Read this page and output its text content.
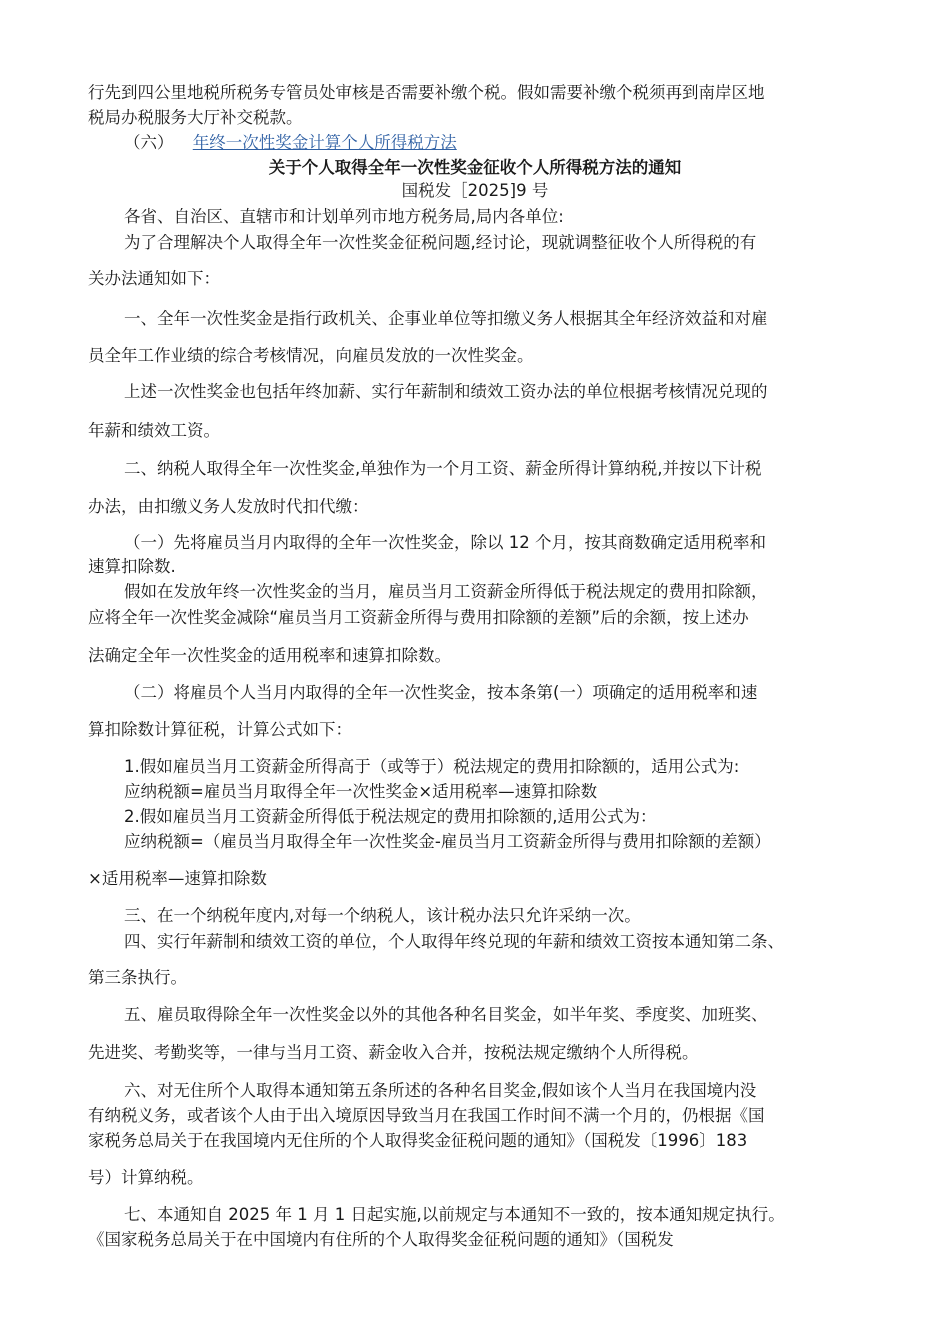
行先到四公里地税所税务专管员处审核是否需要补缴个税。假如需要补缴个税须再到南岸区地
税局办税服务大厅补交税款。
（六） 年终一次性奖金计算个人所得税方法
关于个人取得全年一次性奖金征收个人所得税方法的通知
国税发［2025]9 号
各省、自治区、直辖市和计划单列市地方税务局,局内各单位:
为了合理解决个人取得全年一次性奖金征税问题,经讨论，现就调整征收个人所得税的有
关办法通知如下：
一、全年一次性奖金是指行政机关、企事业单位等扣缴义务人根据其全年经济效益和对雇
员全年工作业绩的综合考核情况，向雇员发放的一次性奖金。
上述一次性奖金也包括年终加薪、实行年薪制和绩效工资办法的单位根据考核情况兑现的
年薪和绩效工资。
二、纳税人取得全年一次性奖金,单独作为一个月工资、薪金所得计算纳税,并按以下计税
办法，由扣缴义务人发放时代扣代缴：
（一）先将雇员当月内取得的全年一次性奖金，除以 12 个月，按其商数确定适用税率和
速算扣除数.
假如在发放年终一次性奖金的当月，雇员当月工资薪金所得低于税法规定的费用扣除额，
应将全年一次性奖金减除“雇员当月工资薪金所得与费用扣除额的差额”后的余额，按上述办
法确定全年一次性奖金的适用税率和速算扣除数。
（二）将雇员个人当月内取得的全年一次性奖金，按本条第(一）项确定的适用税率和速
算扣除数计算征税，计算公式如下：
1.假如雇员当月工资薪金所得高于（或等于）税法规定的费用扣除额的，适用公式为:
应纳税额=雇员当月取得全年一次性奖金×适用税率—速算扣除数
2.假如雇员当月工资薪金所得低于税法规定的费用扣除额的,适用公式为：
应纳税额=（雇员当月取得全年一次性奖金-雇员当月工资薪金所得与费用扣除额的差额）
×适用税率—速算扣除数
三、在一个纳税年度内,对每一个纳税人，该计税办法只允许采纳一次。
四、实行年薪制和绩效工资的单位，个人取得年终兑现的年薪和绩效工资按本通知第二条、
第三条执行。
五、雇员取得除全年一次性奖金以外的其他各种名目奖金，如半年奖、季度奖、加班奖、
先进奖、考勤奖等，一律与当月工资、薪金收入合并，按税法规定缴纳个人所得税。
六、对无住所个人取得本通知第五条所述的各种名目奖金,假如该个人当月在我国境内没
有纳税义务，或者该个人由于出入境原因导致当月在我国工作时间不满一个月的，仍根据《国
家税务总局关于在我国境内无住所的个人取得奖金征税问题的通知》（国税发〔1996〕183
号）计算纳税。
七、本通知自 2025 年 1 月 1 日起实施,以前规定与本通知不一致的，按本通知规定执行。
《国家税务总局关于在中国境内有住所的个人取得奖金征税问题的通知》（国税发
